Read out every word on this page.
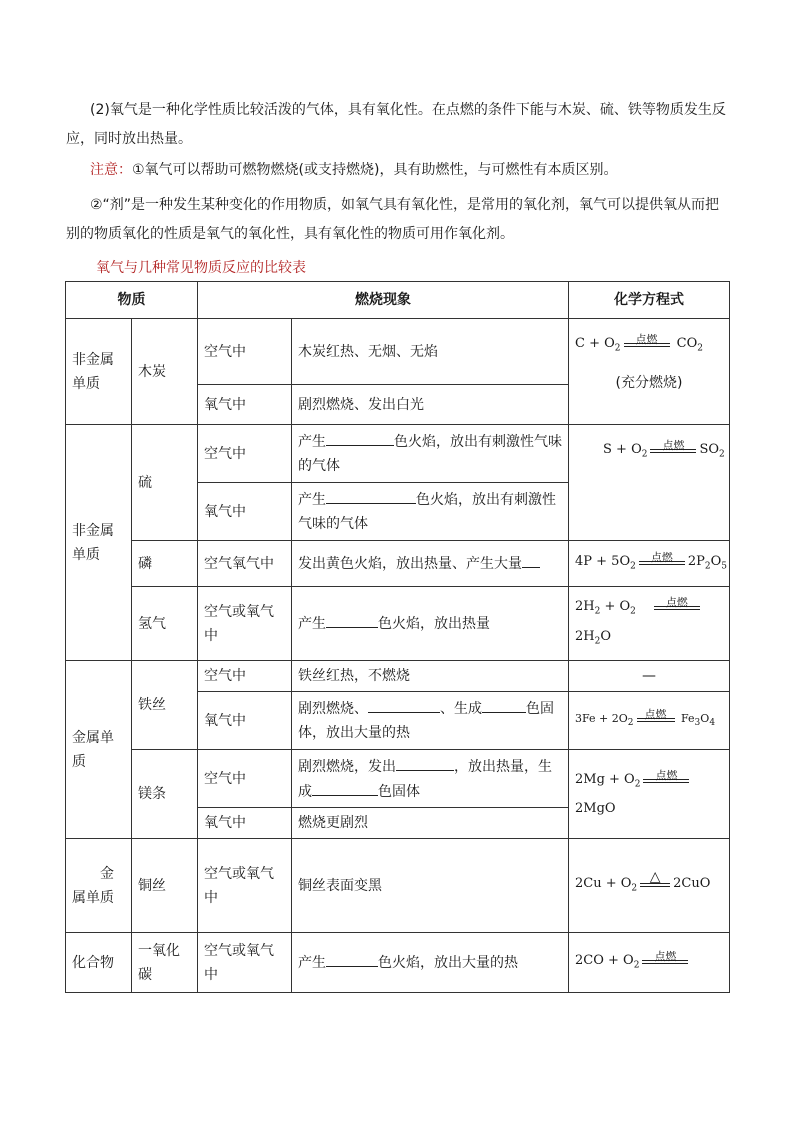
(2)氧气是一种化学性质比较活泼的气体，具有氧化性。在点燃的条件下能与木炭、硫、铁等物质发生反应，同时放出热量。

注意：①氧气可以帮助可燃物燃烧(或支持燃烧)，具有助燃性，与可燃性有本质区别。

②“剂”是一种发生某种变化的作用物质，如氧气具有氧化性，是常用的氧化剂，氧气可以提供氧从而把别的物质氧化的性质是氧气的氧化性，具有氧化性的物质可用作氧化剂。

氧气与几种常见物质反应的比较表

物质		燃烧现象		化学方程式
非金属单质	木炭	空气中	木炭红热、无烟、无焰	$C + O_2$
点燃 $CO_2$
(充分燃烧)

		氧气中	剧烈燃烧、发出白光	
非金属单质	硫	空气中	产生 色火焰，放出有刺激性气味的气体	$S + O_2$
点燃 $SO_2$
		氧气中	产生 色火焰，放出有刺激性气味的气体	
	磷	空气氧气中	发出黄色火焰，放出热量、产生大量	$4P + 5O_2$
点燃 $2P_2O_5$
	氢气	空气或氧气中	产生 色火焰，放出热量	$2H_2 + O_2$
点燃

$2H_2O$
金属单质	铁丝	空气中	铁丝红热，不燃烧	—
		氧气中	剧烈燃烧、 、生成 色固体，放出大量的热	$3Fe + 2O_2$
点燃 $Fe_3O_4$
	镁条	空气中	剧烈燃烧，发出 ，放出热量，生成 色固体	$2Mg + O_2$
点燃

2MgO
		氧气中	燃烧更剧烈	
金属单质	铜丝	空气或氧气中	铜丝表面变黑	$2Cu + O_2$
△ 2CuO
化合物	一氧化碳	空气或氧气中	产生 色火焰，放出大量的热	$2CO + O_2$
点燃
